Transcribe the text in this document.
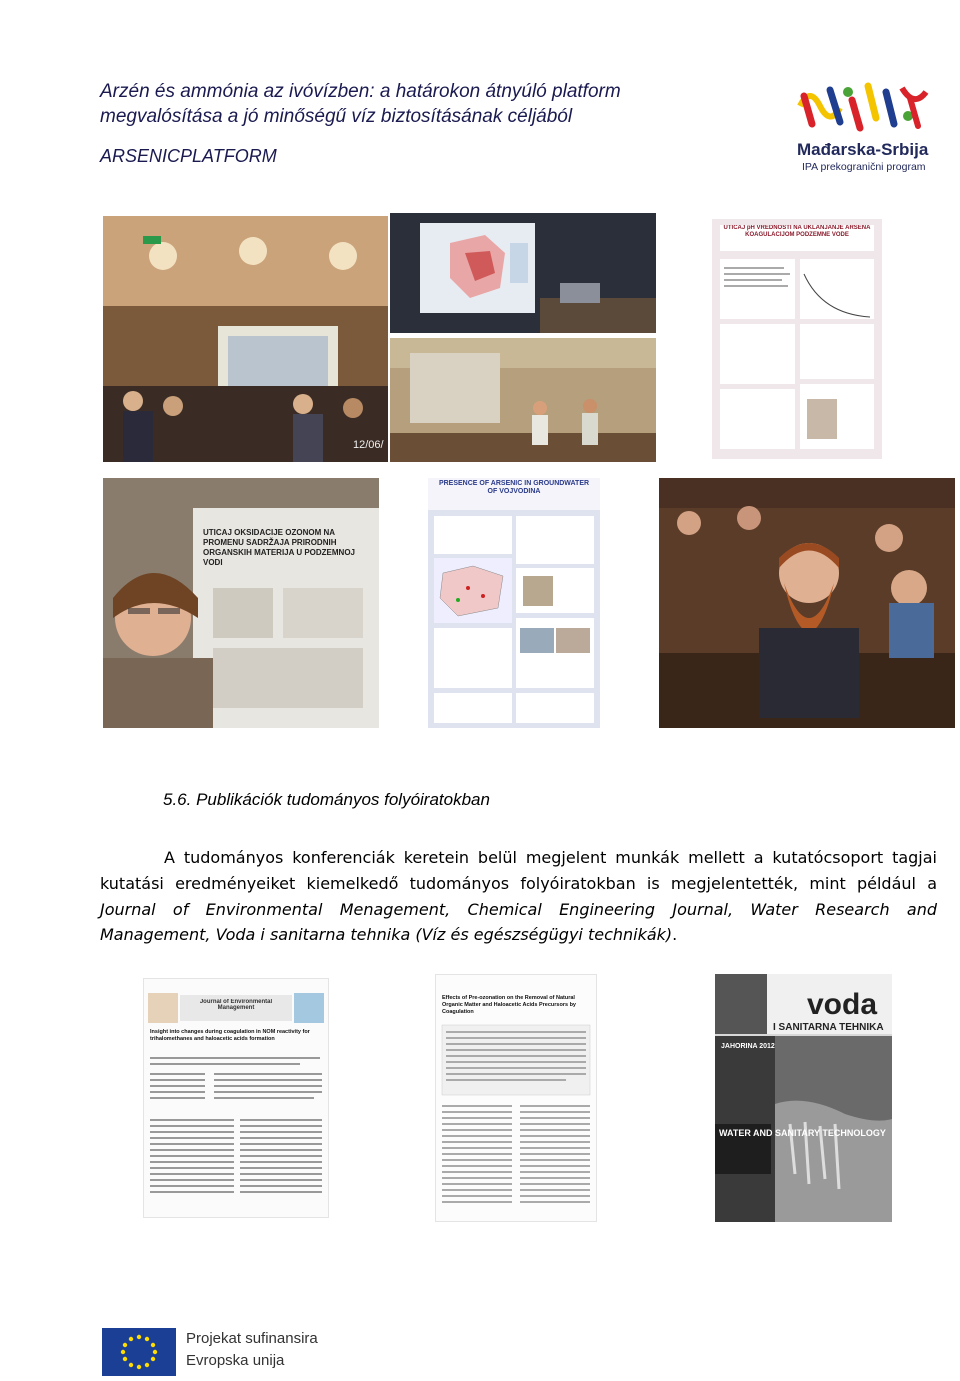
Arzén és ammónia az ivóvízben: a határokon átnyúló platform
megvalósítása a jó minőségű víz biztosításának céljából
ARSENICPLATFORM	Mađarska-Srbija
IPA prekogranični program
12/06/
UTICAJ pH VREDNOSTI NA UKLANJANJE ARSENA KOAGULACIJOM PODZEMNE VODE
UTICAJ OKSIDACIJE OZONOM NA PROMENU SADRŽAJA PRIRODNIH ORGANSKIH MATERIJA U PODZEMNOJ VODI
PRESENCE OF ARSENIC IN GROUNDWATER OF VOJVODINA
5.6. Publikációk tudományos folyóiratokban
A tudományos konferenciák keretein belül megjelent munkák mellett a kutatócsoport tagjai kutatási eredményeiket kiemelkedő tudományos folyóiratokban is megjelentették, mint például a Journal of Environmental Menagement, Chemical Engineering Journal, Water Research and Management, Voda i sanitarna tehnika (Víz és egészségügyi technikák).
Journal of Environmental Management
Insight into changes during coagulation in NOM reactivity for trihalomethanes and haloacetic acids formation
Effects of Pre-ozonation on the Removal of Natural Organic Matter and Haloacetic Acids Precursors by Coagulation	voda
I SANITARNA TEHNIKA
WATER AND SANITARY TECHNOLOGY
JAHORINA 2012
Projekat sufinansira
Evropska unija
